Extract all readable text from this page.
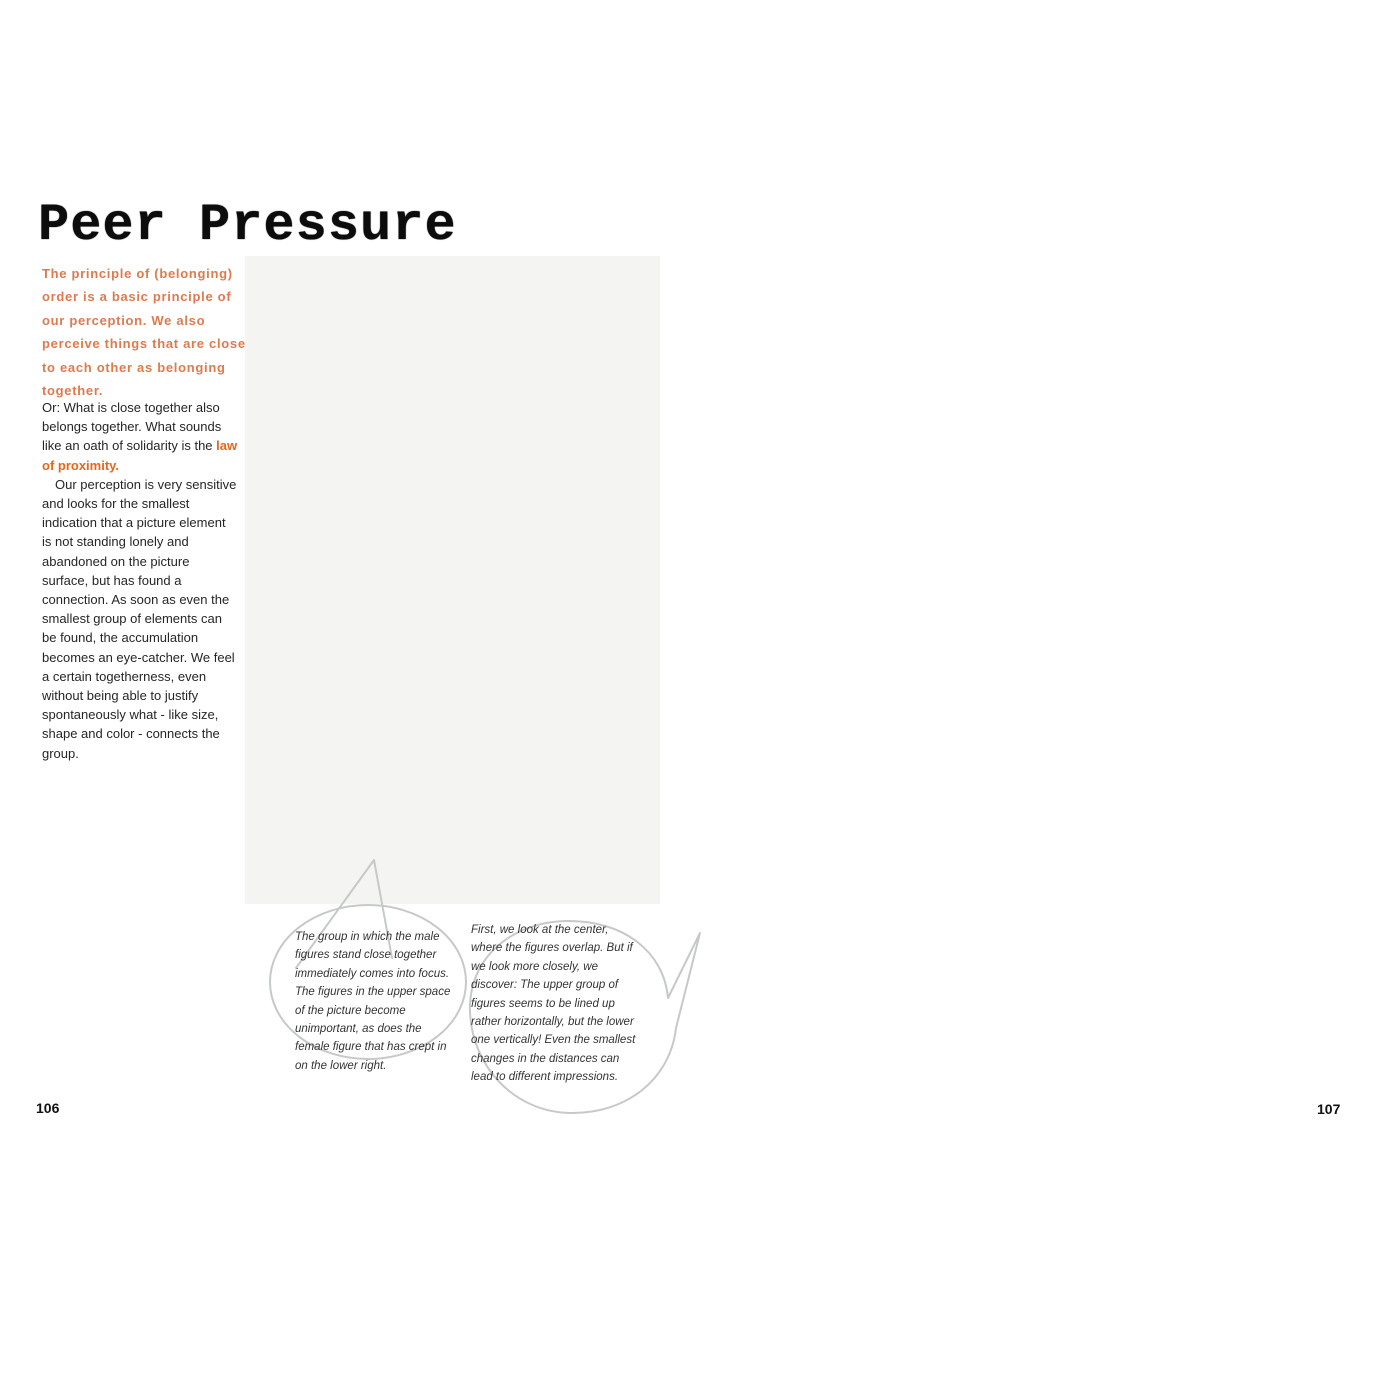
Peer Pressure
The principle of (belonging) order is a basic principle of our perception. We also perceive things that are close to each other as belonging together.

Or: What is close together also belongs together. What sounds like an oath of solidarity is the law of proximity.

Our perception is very sensitive and looks for the smallest indication that a picture element is not standing lonely and abandoned on the picture surface, but has found a connection. As soon as even the smallest group of elements can be found, the accumulation becomes an eye-catcher. We feel a certain togetherness, even without being able to justify spontaneously what - like size, shape and color - connects the group.

The group in which the male figures stand close together immediately comes into focus. The figures in the upper space of the picture become unimportant, as does the female figure that has crept in on the lower right.
First, we look at the center, where the figures overlap. But if we look more closely, we discover: The upper group of figures seems to be lined up rather horizontally, but the lower one vertically! Even the smallest changes in the distances can lead to different impressions.
106	107
